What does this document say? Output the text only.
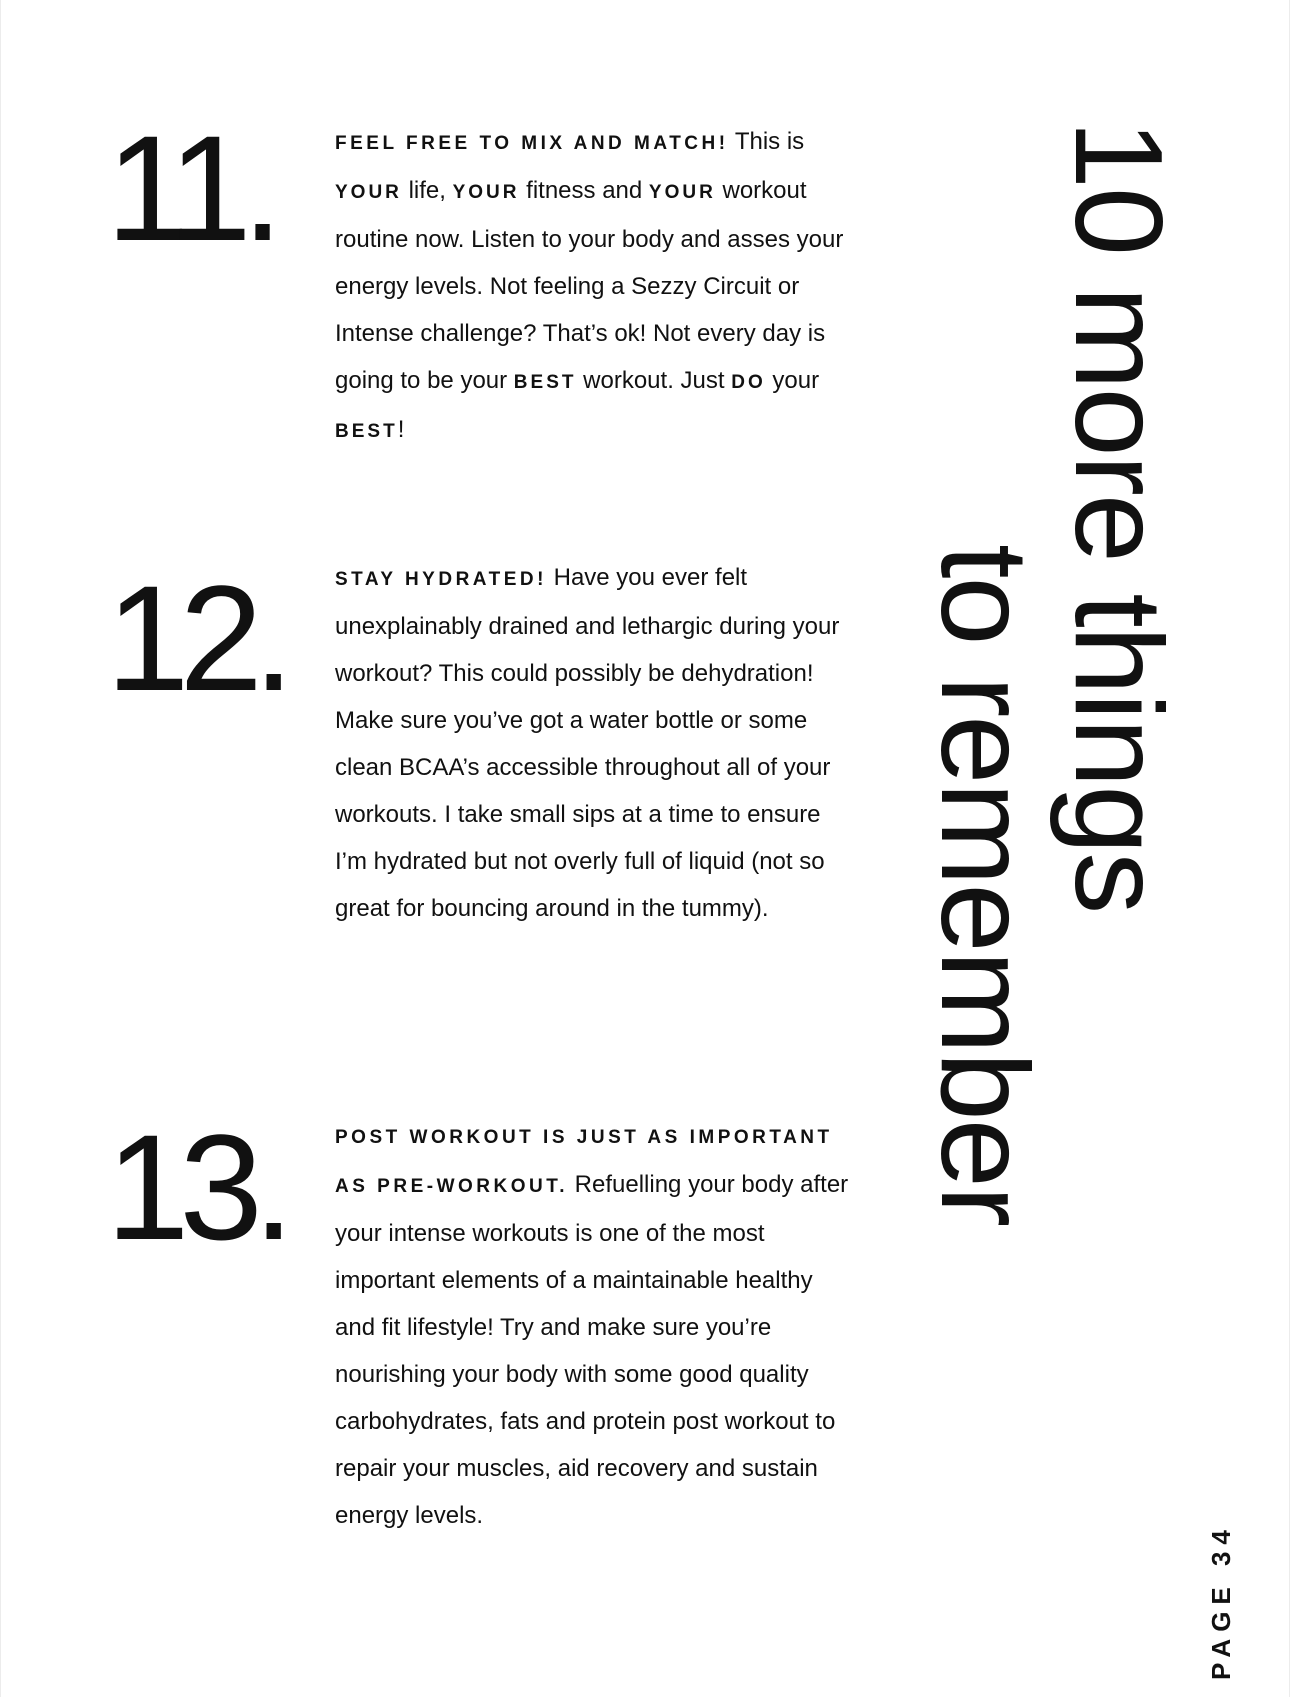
11.	FEEL FREE TO MIX AND MATCH! This is YOUR life, YOUR fitness and YOUR workout routine now. Listen to your body and asses your energy levels. Not feeling a Sezzy Circuit or Intense challenge? That’s ok! Not every day is going to be your BEST workout. Just DO your BEST!

12.	STAY HYDRATED! Have you ever felt unexplainably drained and lethargic during your workout? This could possibly be dehydration! Make sure you’ve got a water bottle or some clean BCAA’s accessible throughout all of your workouts. I take small sips at a time to ensure I’m hydrated but not overly full of liquid (not so great for bouncing around in the tummy).

13.	POST WORKOUT IS JUST AS IMPORTANT AS PRE-WORKOUT. Refuelling your body after your intense workouts is one of the most important elements of a maintainable healthy and fit lifestyle! Try and make sure you’re nourishing your body with some good quality carbohydrates, fats and protein post workout to repair your muscles, aid recovery and sustain energy levels.

10 more things
to remember
PAGE 34
